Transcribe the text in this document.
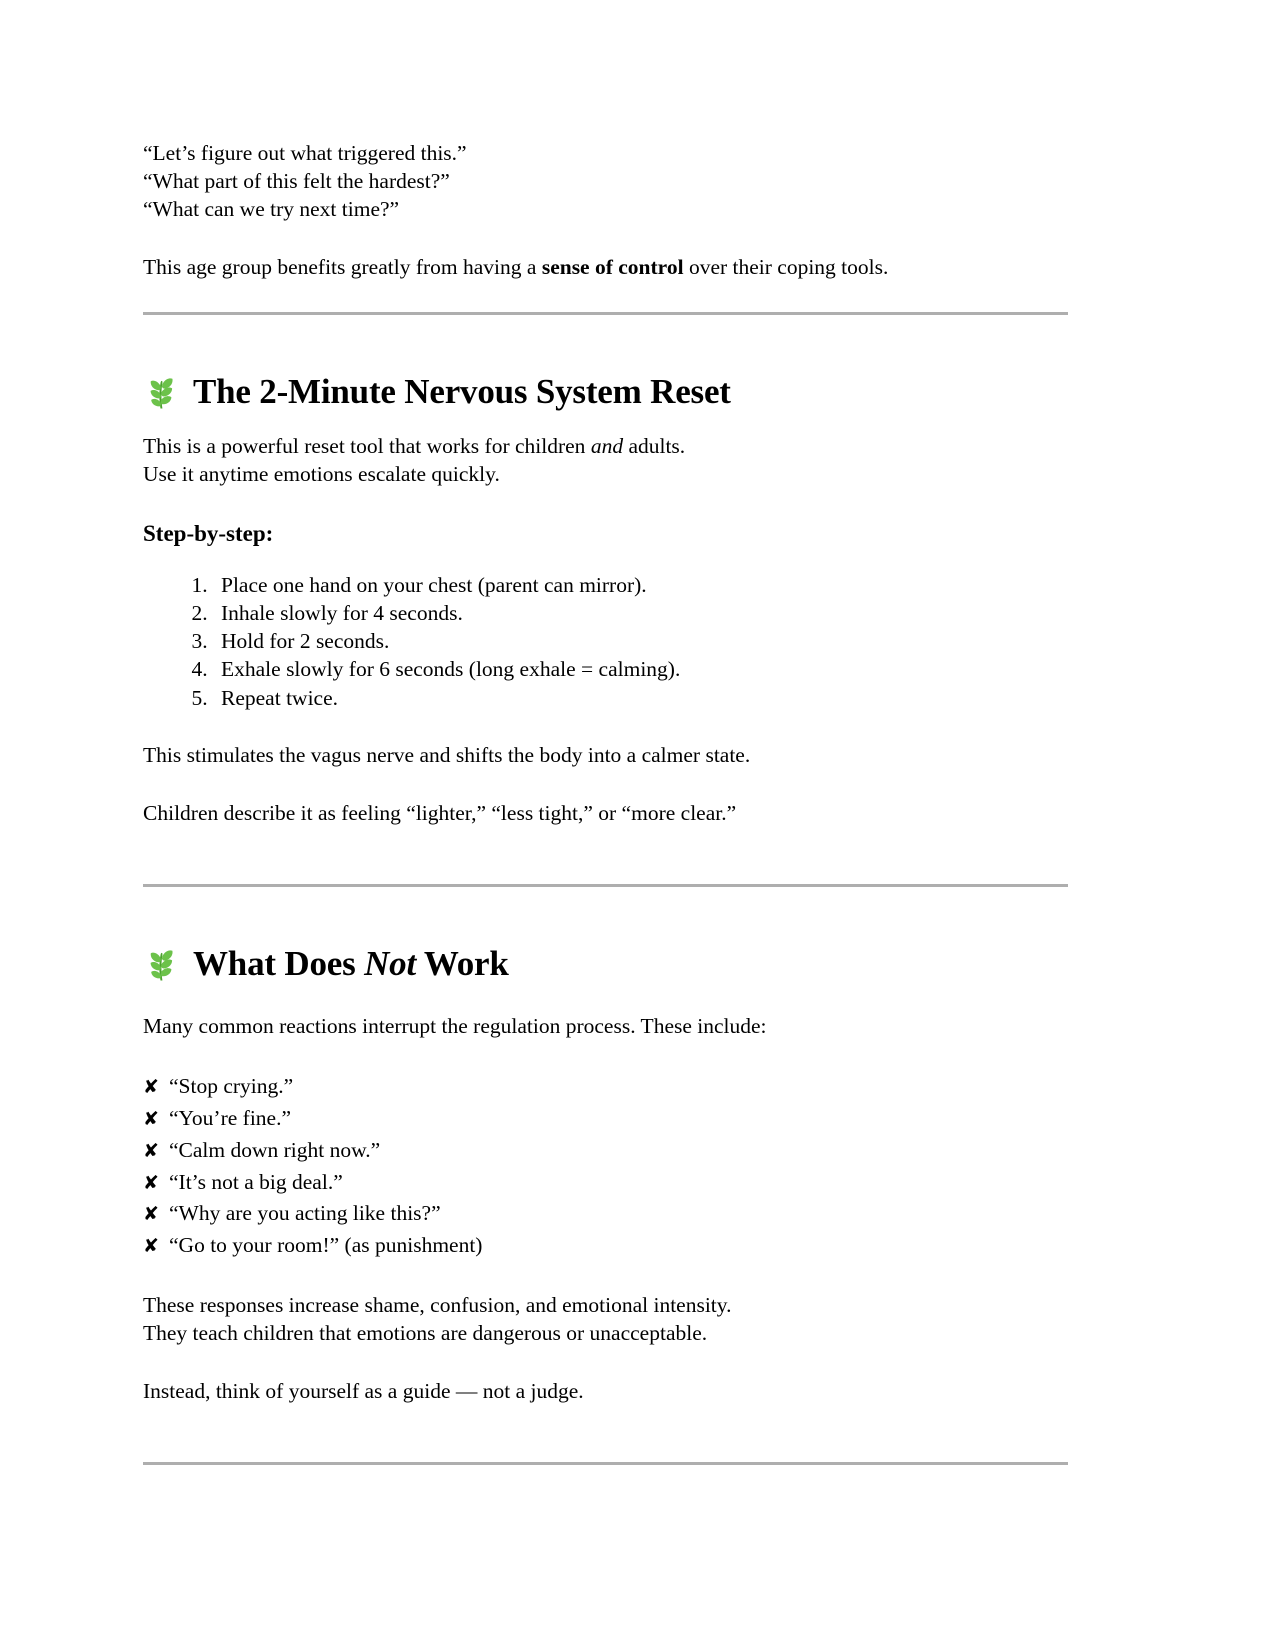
“Let’s figure out what triggered this.”

“What part of this felt the hardest?”

“What can we try next time?”

This age group benefits greatly from having a sense of control over their coping tools.

The 2-Minute Nervous System Reset

This is a powerful reset tool that works for children and adults.

Use it anytime emotions escalate quickly.

Step-by-step:
1. Place one hand on your chest (parent can mirror).
2. Inhale slowly for 4 seconds.
3. Hold for 2 seconds.
4. Exhale slowly for 6 seconds (long exhale = calming).
5. Repeat twice.

This stimulates the vagus nerve and shifts the body into a calmer state.

Children describe it as feeling “lighter,” “less tight,” or “more clear.”

What Does Not Work

Many common reactions interrupt the regulation process. These include:

✘ “Stop crying.”
✘ “You’re fine.”
✘ “Calm down right now.”
✘ “It’s not a big deal.”
✘ “Why are you acting like this?”
✘ “Go to your room!” (as punishment)

These responses increase shame, confusion, and emotional intensity.

They teach children that emotions are dangerous or unacceptable.

Instead, think of yourself as a guide — not a judge.
